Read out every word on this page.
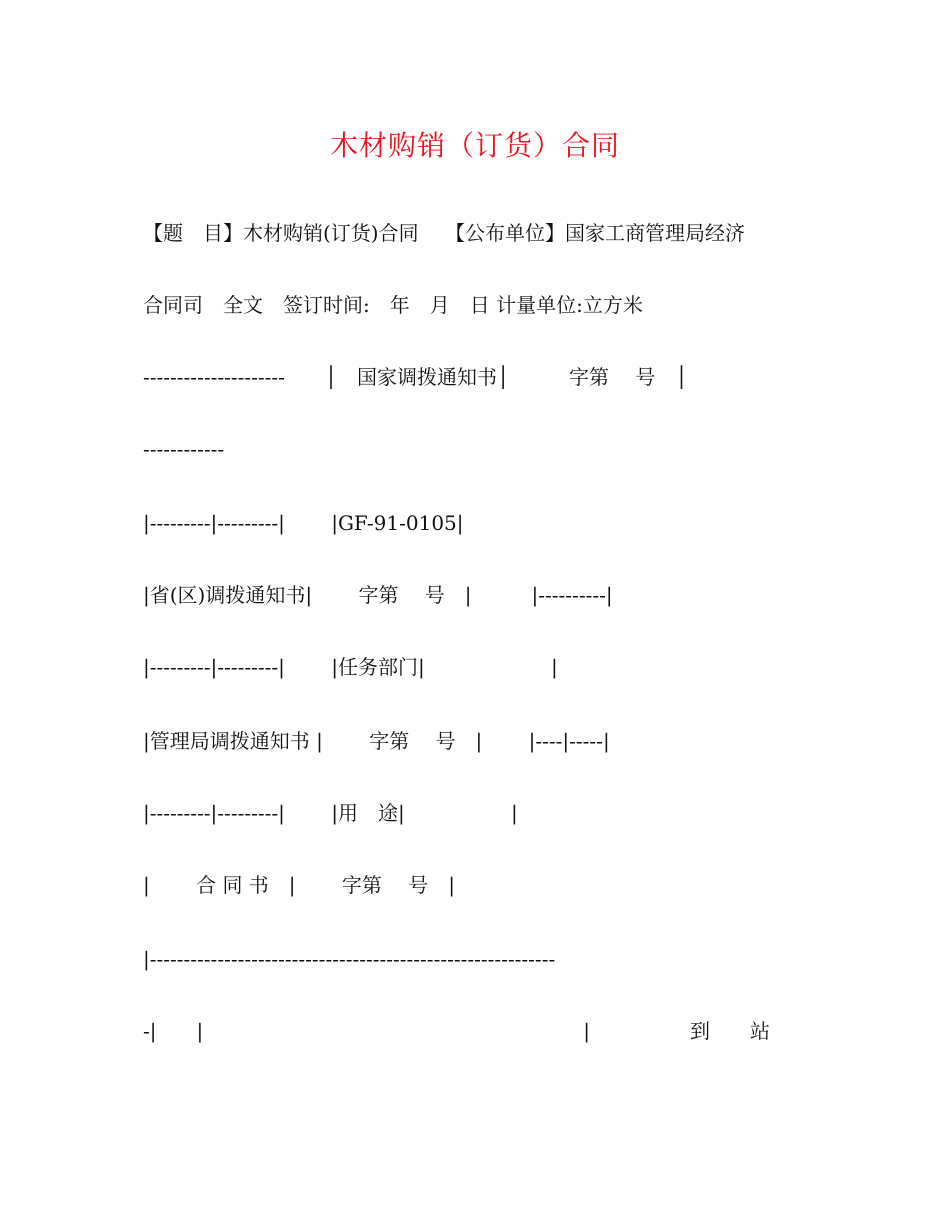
木材购销（订货）合同
【题　目】木材购销(订货)合同　 【公布单位】国家工商管理局经济
合同司　全文　签订时间:　年　月　日 计量单位:立方米
---------------------　　│　国家调拨通知书│　　　字第　 号　│
------------
|---------|---------|　　 |GF-91-0105|
|省(区)调拨通知书|　　 字第　 号　|　　　|----------|
|---------|---------|　　 |任务部门|　　　　　 　|
|管理局调拨通知书 |　　 字第　 号　|　　 |----|-----|
|---------|---------|　　 |用　途|　　　　　 |
|　　 合 同 书　|　　 字第　 号　|
|------------------------------------------------------------
-|　　|　　　　　　　　　　　　　　　　　　　|　　　　　到　　站
